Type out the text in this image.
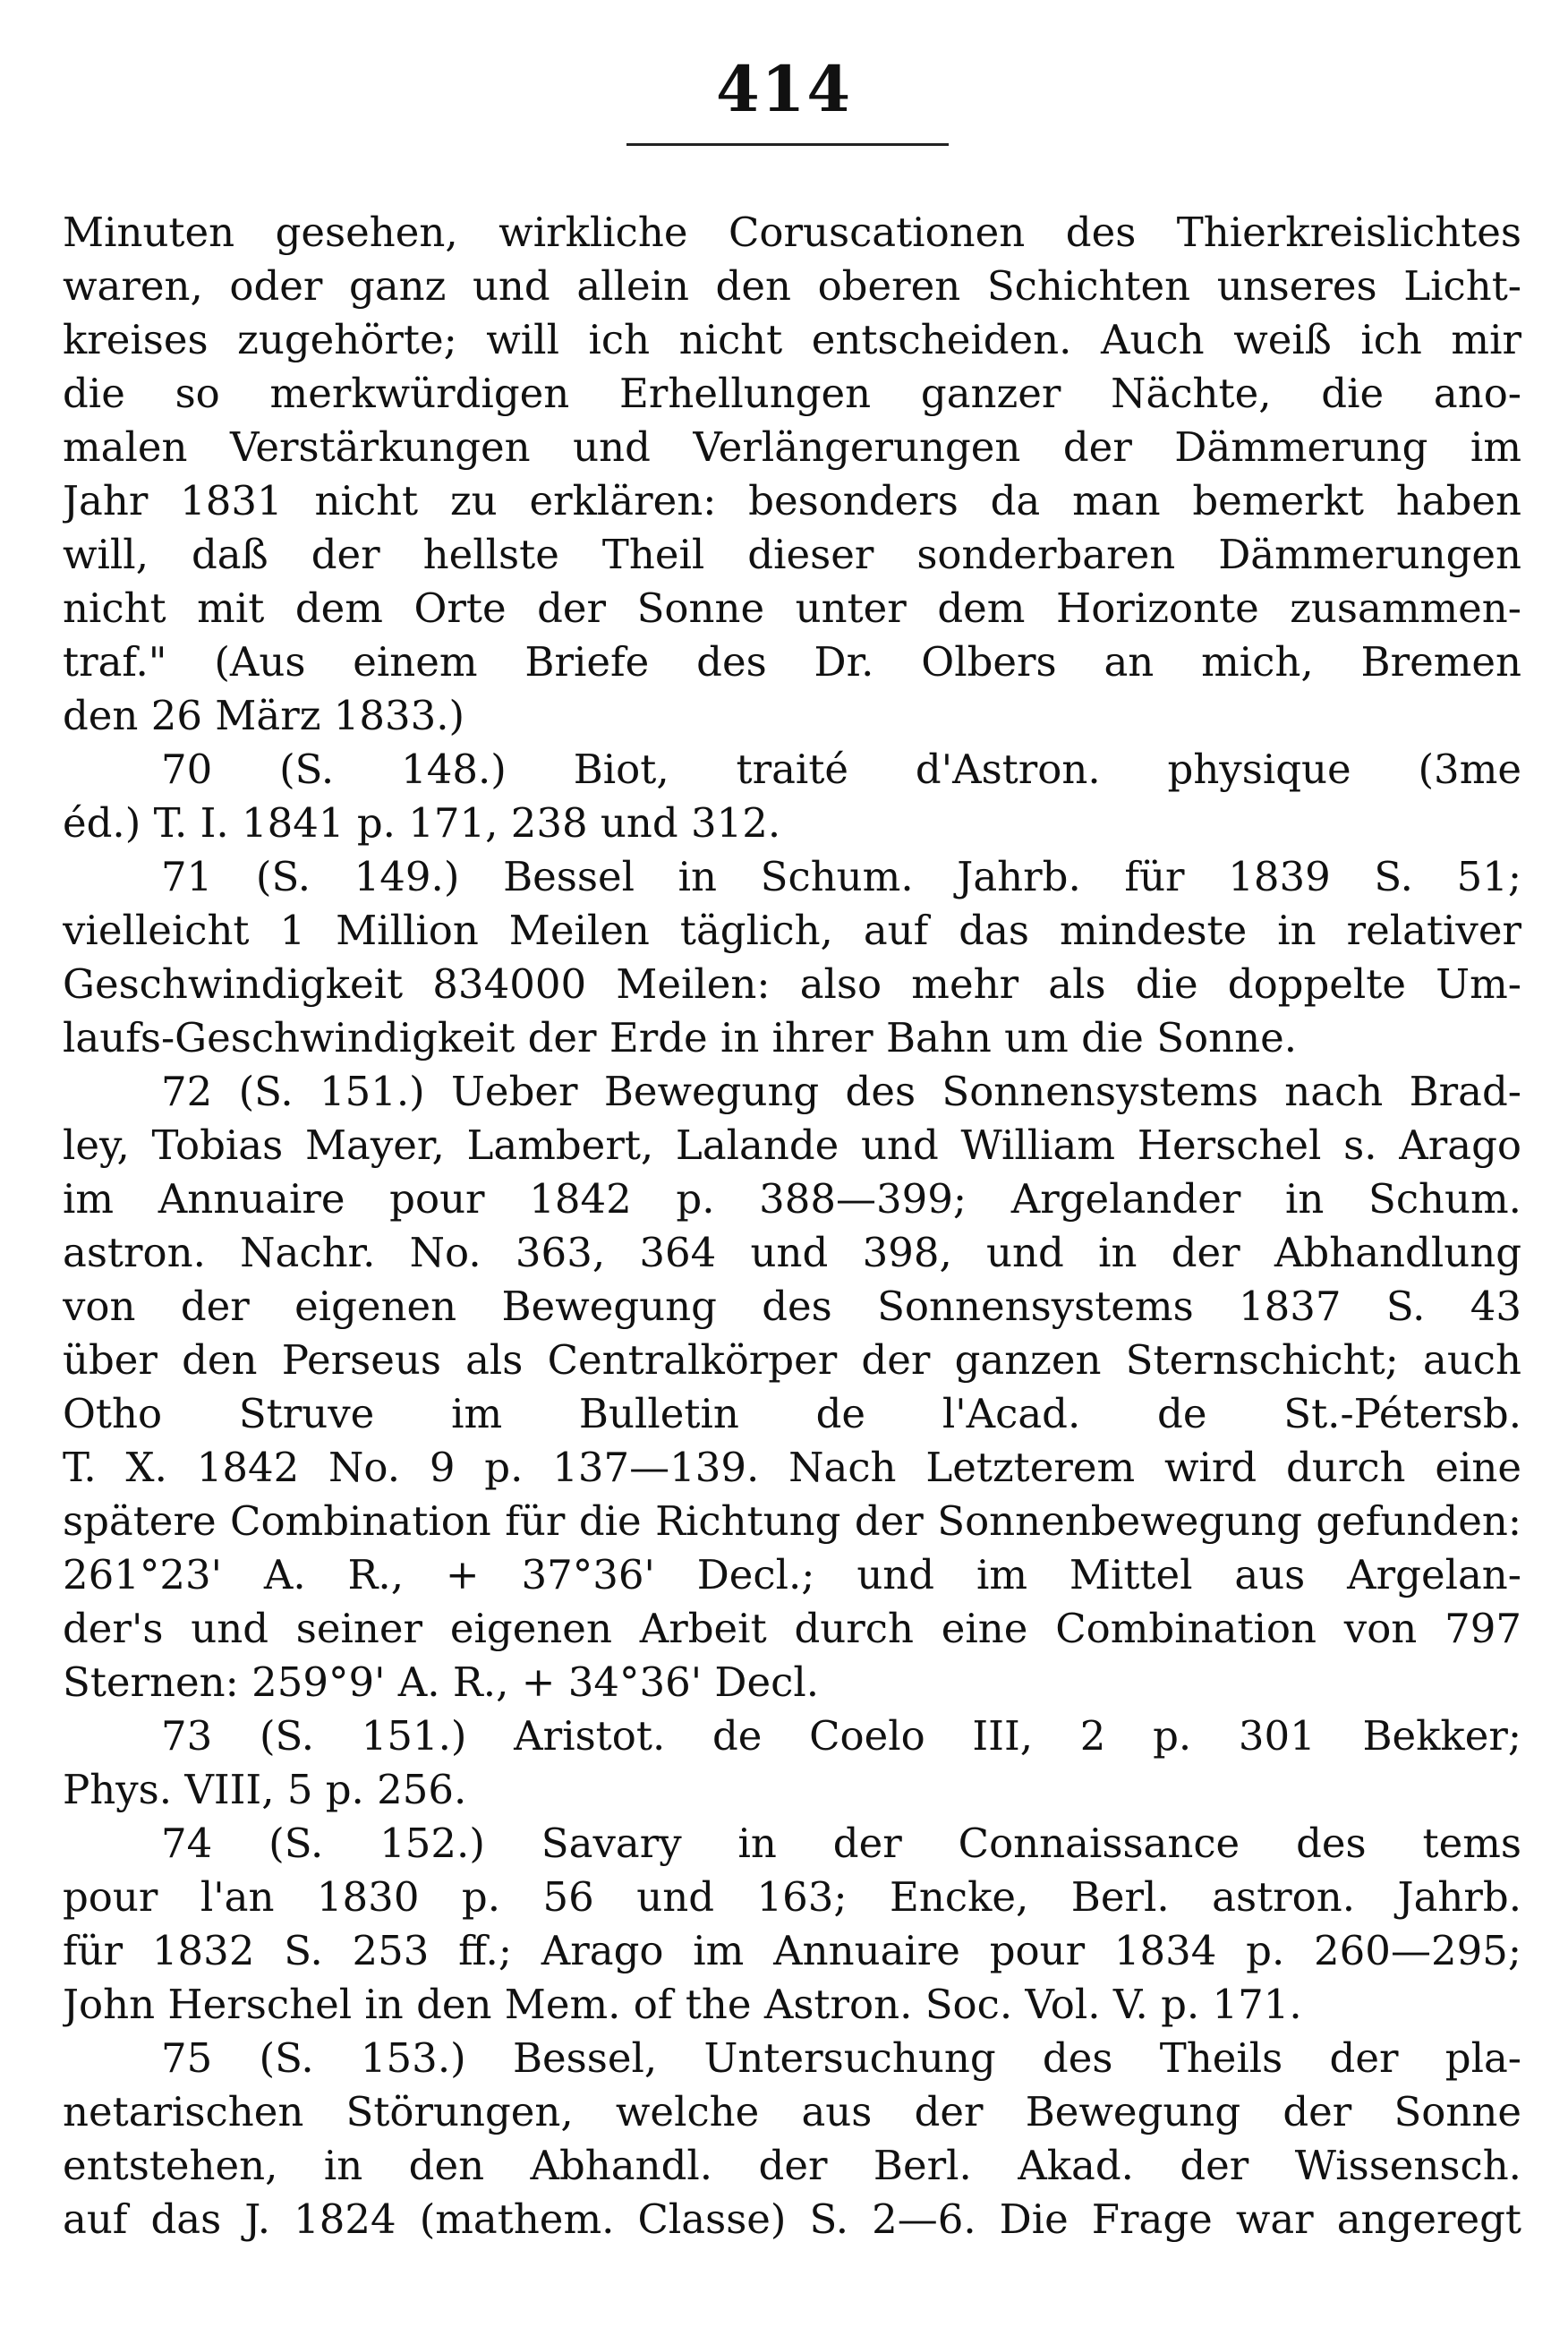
414
Minuten gesehen, wirkliche Coruscationen des Thierkreislichtes
waren, oder ganz und allein den oberen Schichten unseres Licht-
kreises zugehörte; will ich nicht entscheiden. Auch weiß ich mir
die so merkwürdigen Erhellungen ganzer Nächte, die ano-
malen Verstärkungen und Verlängerungen der Dämmerung im
Jahr 1831 nicht zu erklären: besonders da man bemerkt haben
will, daß der hellste Theil dieser sonderbaren Dämmerungen
nicht mit dem Orte der Sonne unter dem Horizonte zusammen-
traf." (Aus einem Briefe des Dr. Olbers an mich, Bremen
den 26 März 1833.)
70 (S. 148.) Biot, traité d'Astron. physique (3me
éd.) T. I. 1841 p. 171, 238 und 312.
71 (S. 149.) Bessel in Schum. Jahrb. für 1839 S. 51;
vielleicht 1 Million Meilen täglich, auf das mindeste in relativer
Geschwindigkeit 834000 Meilen: also mehr als die doppelte Um-
laufs-Geschwindigkeit der Erde in ihrer Bahn um die Sonne.
72 (S. 151.) Ueber Bewegung des Sonnensystems nach Brad-
ley, Tobias Mayer, Lambert, Lalande und William Herschel s. Arago
im Annuaire pour 1842 p. 388—399; Argelander in Schum.
astron. Nachr. No. 363, 364 und 398, und in der Abhandlung
von der eigenen Bewegung des Sonnensystems 1837 S. 43
über den Perseus als Centralkörper der ganzen Sternschicht; auch
Otho Struve im Bulletin de l'Acad. de St.-Pétersb.
T. X. 1842 No. 9 p. 137—139. Nach Letzterem wird durch eine
spätere Combination für die Richtung der Sonnenbewegung gefunden:
261°23' A. R., + 37°36' Decl.; und im Mittel aus Argelan-
der's und seiner eigenen Arbeit durch eine Combination von 797
Sternen: 259°9' A. R., + 34°36' Decl.
73 (S. 151.) Aristot. de Coelo III, 2 p. 301 Bekker;
Phys. VIII, 5 p. 256.
74 (S. 152.) Savary in der Connaissance des tems
pour l'an 1830 p. 56 und 163; Encke, Berl. astron. Jahrb.
für 1832 S. 253 ff.; Arago im Annuaire pour 1834 p. 260—295;
John Herschel in den Mem. of the Astron. Soc. Vol. V. p. 171.
75 (S. 153.) Bessel, Untersuchung des Theils der pla-
netarischen Störungen, welche aus der Bewegung der Sonne
entstehen, in den Abhandl. der Berl. Akad. der Wissensch.
auf das J. 1824 (mathem. Classe) S. 2—6. Die Frage war angeregt
